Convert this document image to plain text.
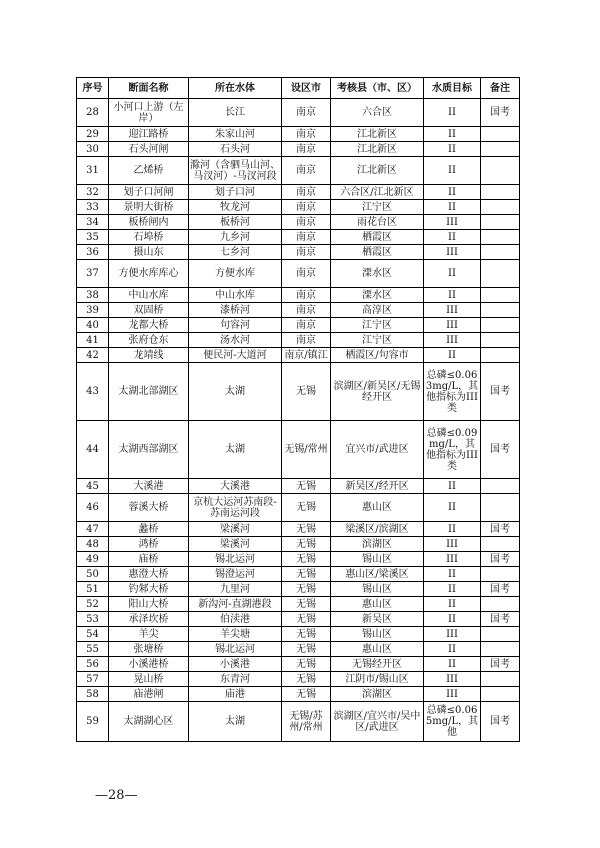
序号	断面名称	所在水体	设区市	考核县（市、区）	水质目标	备注
28	小河口上游（左岸）	长江	南京	六合区	II	国考
29	迎江路桥	朱家山河	南京	江北新区	II	
30	石头河闸	石头河	南京	江北新区	II	
31	乙烯桥	滁河（含驷马山河、马汊河）-马汊河段	南京	江北新区	II	
32	划子口河闸	划子口河	南京	六合区/江北新区	II	
33	景明大街桥	牧龙河	南京	江宁区	II	
34	板桥闸内	板桥河	南京	雨花台区	III	
35	石埠桥	九乡河	南京	栖霞区	II	
36	摄山东	七乡河	南京	栖霞区	III	
37	方便水库库心	方便水库	南京	溧水区	II	
38	中山水库	中山水库	南京	溧水区	II	
39	双固桥	漆桥河	南京	高淳区	III	
40	龙都大桥	句容河	南京	江宁区	III	
41	张府仓东	汤水河	南京	江宁区	III	
42	龙靖线	便民河-大道河	南京/镇江	栖霞区/句容市	II	
43	太湖北部湖区	太湖	无锡	滨湖区/新吴区/无锡经开区	总磷≤0.063mg/L，其他指标为III类	国考
44	太湖西部湖区	太湖	无锡/常州	宜兴市/武进区	总磷≤0.09mg/L，其他指标为III类	国考
45	大溪港	大溪港	无锡	新吴区/经开区	II	
46	蓉溪大桥	京杭大运河苏南段-苏南运河段	无锡	惠山区	II	
47	蠡桥	梁溪河	无锡	梁溪区/滨湖区	II	国考
48	鸿桥	梁溪河	无锡	滨湖区	III	
49	庙桥	锡北运河	无锡	锡山区	III	国考
50	惠澄大桥	锡澄运河	无锡	惠山区/梁溪区	II	
51	钓邾大桥	九里河	无锡	锡山区	II	国考
52	阳山大桥	新沟河-直湖港段	无锡	惠山区	II	
53	承泽坎桥	伯渎港	无锡	新吴区	II	国考
54	羊尖	羊尖塘	无锡	锡山区	III	
55	张塘桥	锡北运河	无锡	惠山区	II	
56	小溪港桥	小溪港	无锡	无锡经开区	II	国考
57	晃山桥	东青河	无锡	江阴市/锡山区	III	
58	庙港闸	庙港	无锡	滨湖区	III	
59	太湖湖心区	太湖	无锡/苏州/常州	滨湖区/宜兴市/吴中区/武进区	总磷≤0.065mg/L，其他	国考
—28—
